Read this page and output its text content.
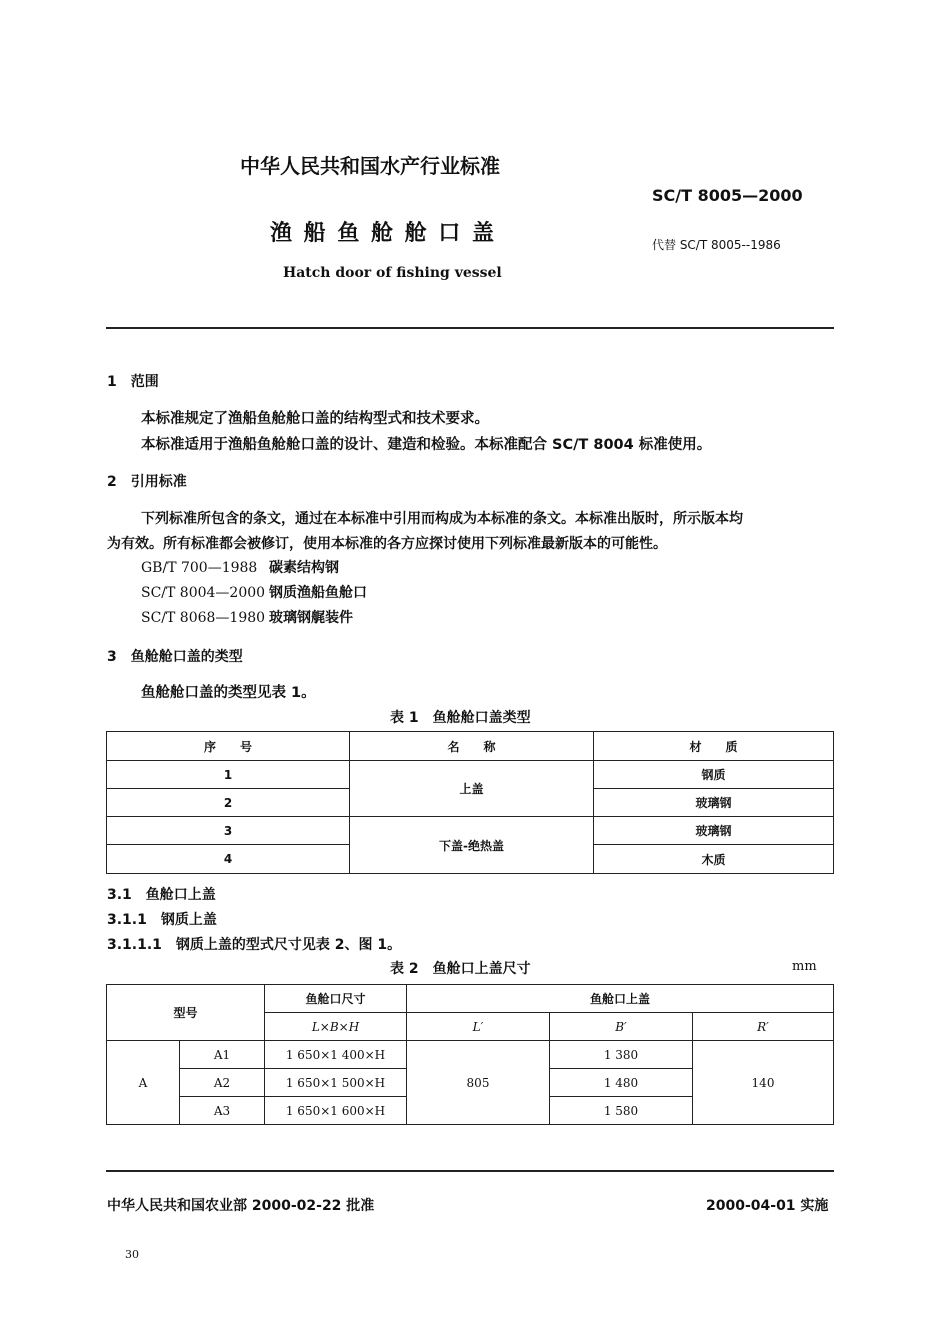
中华人民共和国水产行业标准
SC/T 8005—2000
渔 船 鱼 舱 舱 口 盖	代替 SC/T 8005--1986
Hatch door of fishing vessel
1　范围
本标准规定了渔船鱼舱舱口盖的结构型式和技术要求。
本标准适用于渔船鱼舱舱口盖的设计、建造和检验。本标准配合 SC/T 8004 标准使用。
2　引用标准
下列标准所包含的条文，通过在本标准中引用而构成为本标准的条文。本标准出版时，所示版本均
为有效。所有标准都会被修订，使用本标准的各方应探讨使用下列标准最新版本的可能性。
GB/T 700—1988 碳素结构钢
SC/T 8004—2000 钢质渔船鱼舱口
SC/T 8068—1980 玻璃钢艉装件
3　鱼舱舱口盖的类型
鱼舱舱口盖的类型见表 1。
表 1　鱼舱舱口盖类型
序　　号	名　　称	材　　质
1	上盖	钢质
2		玻璃钢
3	下盖-绝热盖	玻璃钢
4		木质
3.1　鱼舱口上盖
3.1.1　钢质上盖
3.1.1.1　钢质上盖的型式尺寸见表 2、图 1。
表 2　鱼舱口上盖尺寸	mm
型号		鱼舱口尺寸	鱼舱口上盖		
		L×B×H	L′	B′	R′
A	A1	1 650×1 400×H	805	1 380	140
	A2	1 650×1 500×H		1 480	
	A3	1 650×1 600×H		1 580	
中华人民共和国农业部 2000-02-22 批准	2000-04-01 实施
30
